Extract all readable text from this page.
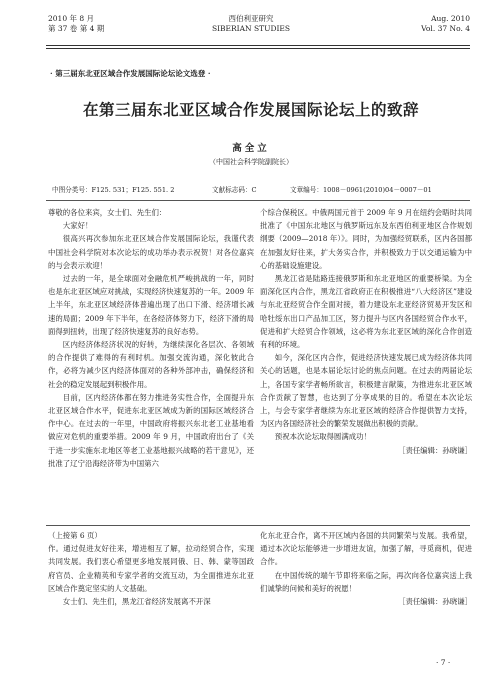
2010 年 8 月
第 37 卷 第 4 期
西伯利亚研究
SIBERIAN STUDIES
Aug. 2010
Vol. 37 No. 4
· 第三届东北亚区域合作发展国际论坛论文选登 ·
在第三届东北亚区域合作发展国际论坛上的致辞
高全立
（中国社会科学院副院长）
中图分类号：F125. 531；F125. 551. 2	文献标志码：C	文章编号：1008－0961(2010)04－0007－01

尊敬的各位来宾，女士们、先生们：

大家好！

很高兴再次参加东北亚区域合作发展国际论坛，我谨代表中国社会科学院对本次论坛的成功举办表示祝贺！对各位嘉宾的与会表示欢迎！

过去的一年，是全球面对金融危机严峻挑战的一年，同时也是东北亚区域应对挑战，实现经济快速复苏的一年。2009 年上半年，东北亚区域经济体普遍出现了出口下滑、经济增长减速的局面；2009 年下半年，在各经济体努力下，经济下滑的局面得到扭转，出现了经济快速复苏的良好态势。

区内经济体经济状况的好转，为继续深化各层次、各领域的合作提供了难得的有利时机。加强交流沟通，深化彼此合作，必将为减少区内经济体面对的各种外部冲击，确保经济和社会的稳定发展起到积极作用。

目前，区内经济体都在努力推进务实性合作，全面提升东北亚区域合作水平，促进东北亚区域成为新的国际区域经济合作中心。在过去的一年里，中国政府将振兴东北老工业基地看做应对危机的重要举措。2009 年 9 月，中国政府出台了《关于进一步实施东北地区等老工业基地振兴战略的若干意见》，还批准了辽宁沿海经济带为中国第六

个综合保税区。中俄两国元首于 2009 年 9 月在纽约会晤时共同批准了《中国东北地区与俄罗斯远东及东西伯利亚地区合作规划纲要（2009—2018 年）》。同时，为加强经贸联系，区内各国都在加强友好往来，扩大务实合作，并积极致力于以交通运输为中心的基础设施建设。

黑龙江省是陆路连接俄罗斯和东北亚地区的重要桥梁。为全面深化区内合作，黑龙江省政府正在积极推进“八大经济区”建设与东北亚经贸合作全面对接，着力建设东北亚经济贸易开发区和哈牡绥东出口产品加工区，努力提升与区内各国经贸合作水平，促进和扩大经贸合作领域，这必将为东北亚区域的深化合作创造有利的环境。

如今，深化区内合作，促进经济快速发展已成为经济体共同关心的话题，也是本届论坛讨论的焦点问题。在过去的两届论坛上，各国专家学者畅所欲言，积极建言献策，为推进东北亚区域合作贡献了智慧，也达到了分享成果的目的。希望在本次论坛上，与会专家学者继续为东北亚区域的经济合作提供智力支持，为区内各国经济社会的繁荣发展做出积极的贡献。

预祝本次论坛取得圆满成功！

［责任编辑：孙晓谦］

（上接第 6 页）

作。通过促进友好往来，增进相互了解，拉动经贸合作，实现共同发展。我们衷心希望更多地发展同俄、日、韩、蒙等国政府官员、企业精英和专家学者的交流互动，为全面推进东北亚区域合作奠定坚实的人文基础。

女士们、先生们，黑龙江省经济发展离不开深

化东北亚合作，离不开区域内各国的共同繁荣与发展。我希望，通过本次论坛能够进一步增进友谊，加强了解，寻觅商机，促进合作。

在中国传统的端午节即将来临之际，再次向各位嘉宾送上我们诚挚的问候和美好的祝愿！

［责任编辑：孙晓谦］

· 7 ·
